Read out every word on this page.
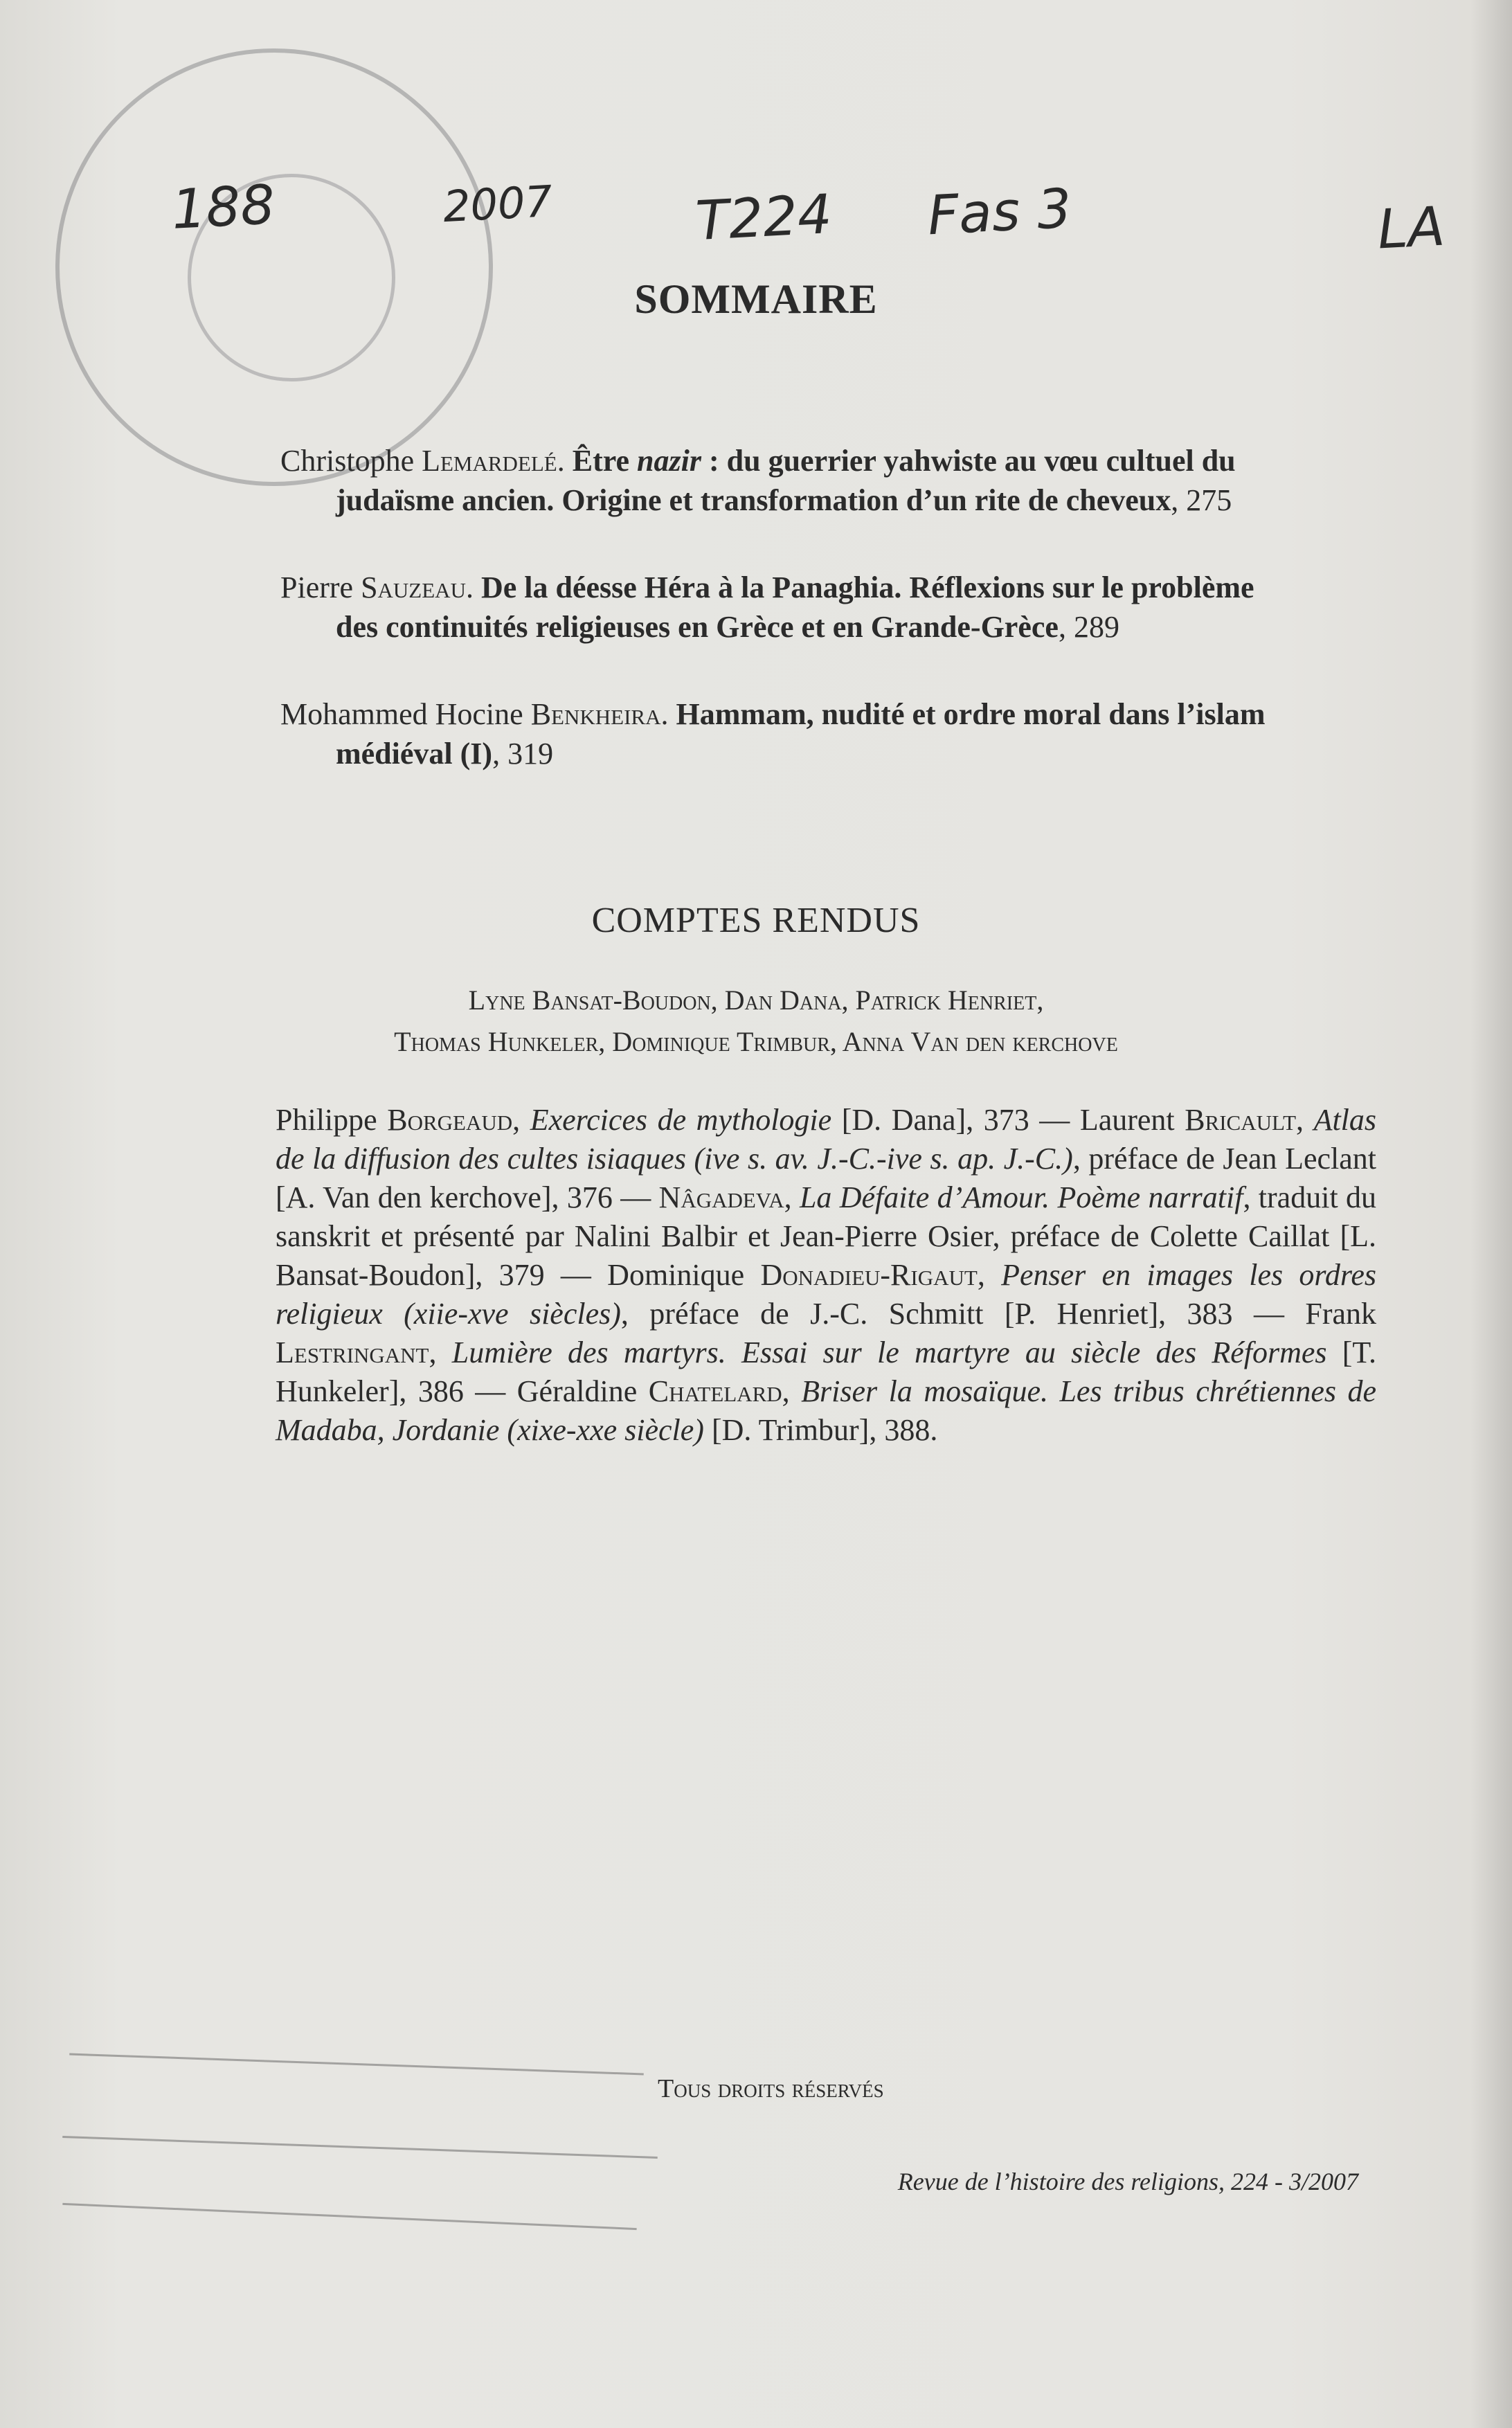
188	2007	T224 Fas 3	LA
SOMMAIRE
Christophe Lemardelé. Être nazir : du guerrier yahwiste au vœu cultuel du
judaïsme ancien. Origine et transformation d’un rite de cheveux, 275
Pierre Sauzeau. De la déesse Héra à la Panaghia. Réflexions sur le problème
des continuités religieuses en Grèce et en Grande-Grèce, 289
Mohammed Hocine Benkheira. Hammam, nudité et ordre moral dans l’islam
médiéval (I), 319
COMPTES RENDUS
Lyne Bansat-Boudon, Dan Dana, Patrick Henriet,
Thomas Hunkeler, Dominique Trimbur, Anna Van den kerchove
Philippe Borgeaud, Exercices de mythologie [D. Dana], 373 — Laurent Bricault, Atlas de la diffusion des cultes isiaques (ive s. av. J.-C.-ive s. ap. J.-C.), préface de Jean Leclant [A. Van den kerchove], 376 — Nâgadeva, La Défaite d’Amour. Poème narratif, traduit du sanskrit et présenté par Nalini Balbir et Jean-Pierre Osier, préface de Colette Caillat [L. Bansat-Boudon], 379 — Dominique Donadieu-Rigaut, Penser en images les ordres religieux (xiie-xve siècles), préface de J.-C. Schmitt [P. Henriet], 383 — Frank Lestringant, Lumière des martyrs. Essai sur le martyre au siècle des Réformes [T. Hunkeler], 386 — Géraldine Chatelard, Briser la mosaïque. Les tribus chrétiennes de Madaba, Jordanie (xixe-xxe siècle) [D. Trimbur], 388.
Tous droits réservés
Revue de l’histoire des religions, 224 - 3/2007
